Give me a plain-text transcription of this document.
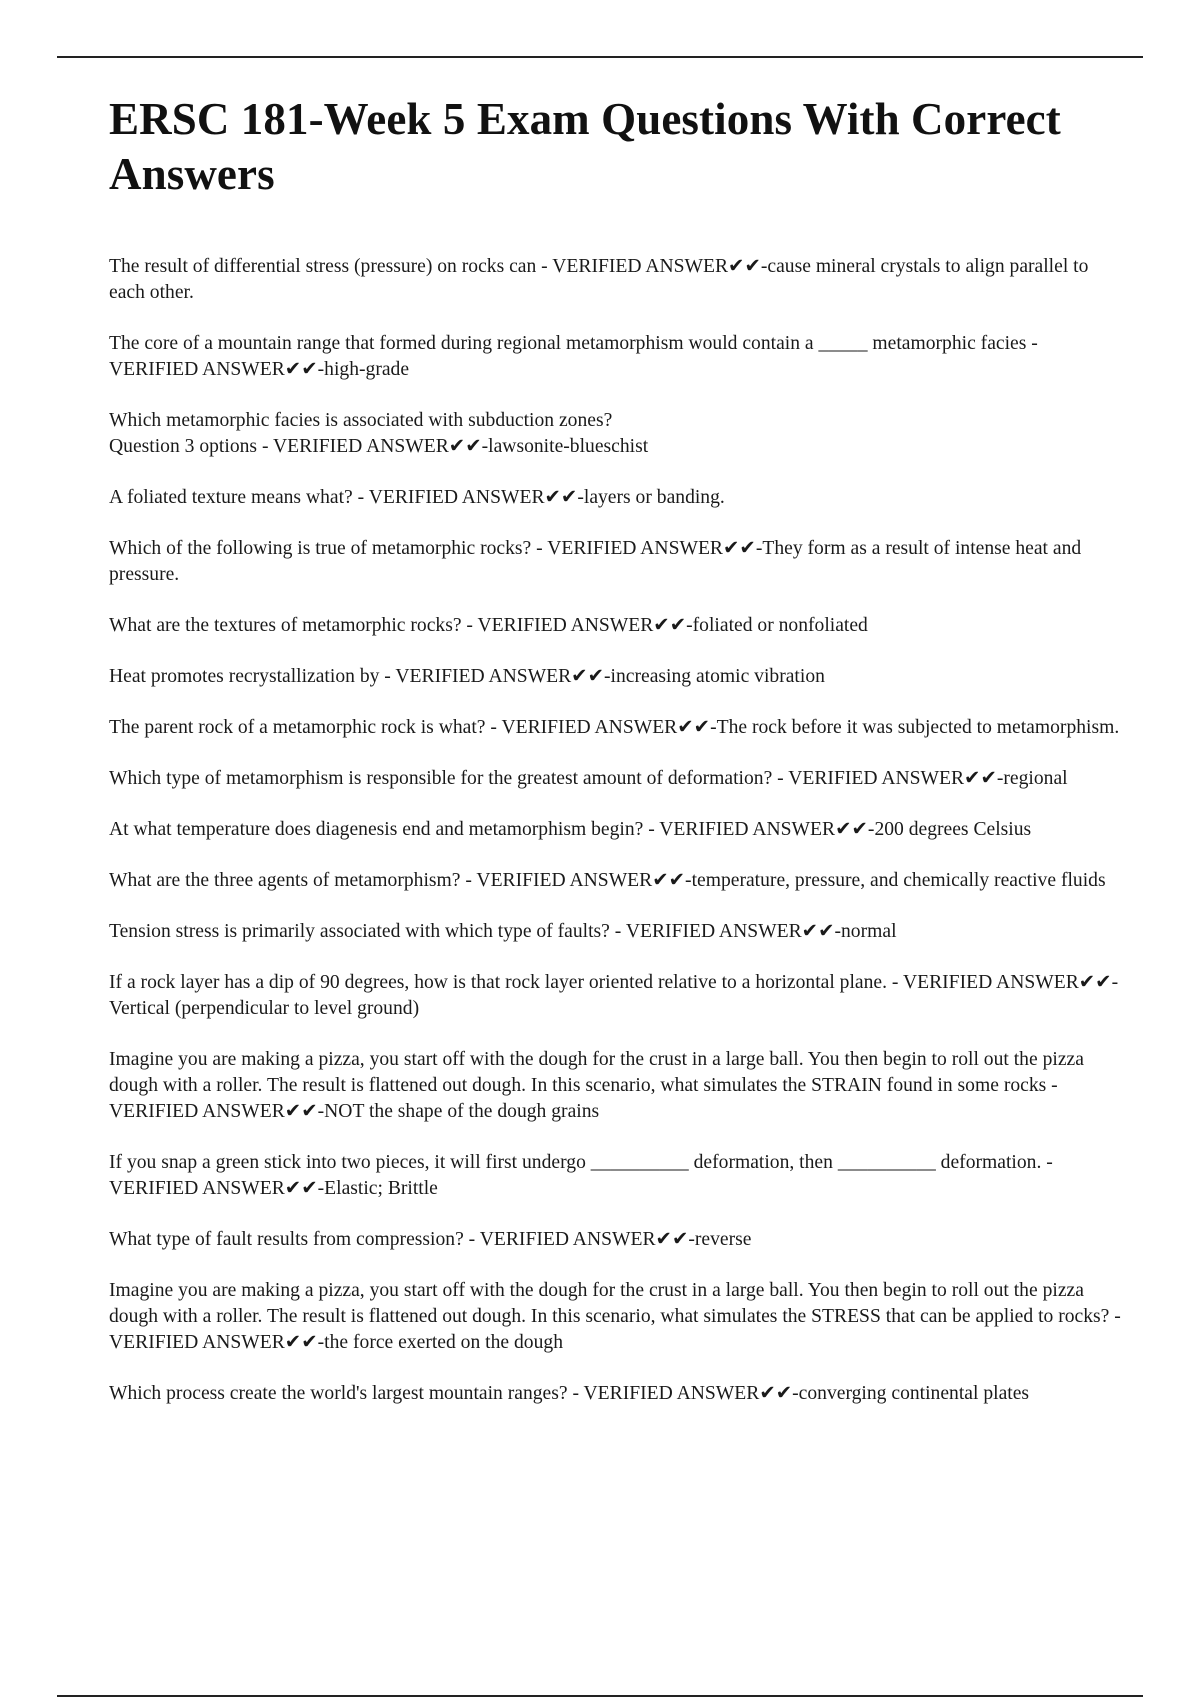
ERSC 181-Week 5 Exam Questions With Correct Answers

The result of differential stress (pressure) on rocks can - VERIFIED ANSWER✔✔-cause mineral crystals to align parallel to each other.

The core of a mountain range that formed during regional metamorphism would contain a _____ metamorphic facies - VERIFIED ANSWER✔✔-high-grade

Which metamorphic facies is associated with subduction zones?
Question 3 options - VERIFIED ANSWER✔✔-lawsonite-blueschist

A foliated texture means what? - VERIFIED ANSWER✔✔-layers or banding.

Which of the following is true of metamorphic rocks? - VERIFIED ANSWER✔✔-They form as a result of intense heat and pressure.

What are the textures of metamorphic rocks? - VERIFIED ANSWER✔✔-foliated or nonfoliated

Heat promotes recrystallization by - VERIFIED ANSWER✔✔-increasing atomic vibration

The parent rock of a metamorphic rock is what? - VERIFIED ANSWER✔✔-The rock before it was subjected to metamorphism.

Which type of metamorphism is responsible for the greatest amount of deformation? - VERIFIED ANSWER✔✔-regional

At what temperature does diagenesis end and metamorphism begin? - VERIFIED ANSWER✔✔-200 degrees Celsius

What are the three agents of metamorphism? - VERIFIED ANSWER✔✔-temperature, pressure, and chemically reactive fluids

Tension stress is primarily associated with which type of faults? - VERIFIED ANSWER✔✔-normal

If a rock layer has a dip of 90 degrees, how is that rock layer oriented relative to a horizontal plane. - VERIFIED ANSWER✔✔-Vertical (perpendicular to level ground)

Imagine you are making a pizza, you start off with the dough for the crust in a large ball. You then begin to roll out the pizza dough with a roller. The result is flattened out dough. In this scenario, what simulates the STRAIN found in some rocks - VERIFIED ANSWER✔✔-NOT the shape of the dough grains

If you snap a green stick into two pieces, it will first undergo __________ deformation, then __________ deformation. - VERIFIED ANSWER✔✔-Elastic; Brittle

What type of fault results from compression? - VERIFIED ANSWER✔✔-reverse

Imagine you are making a pizza, you start off with the dough for the crust in a large ball. You then begin to roll out the pizza dough with a roller. The result is flattened out dough. In this scenario, what simulates the STRESS that can be applied to rocks? - VERIFIED ANSWER✔✔-the force exerted on the dough

Which process create the world's largest mountain ranges? - VERIFIED ANSWER✔✔-converging continental plates
